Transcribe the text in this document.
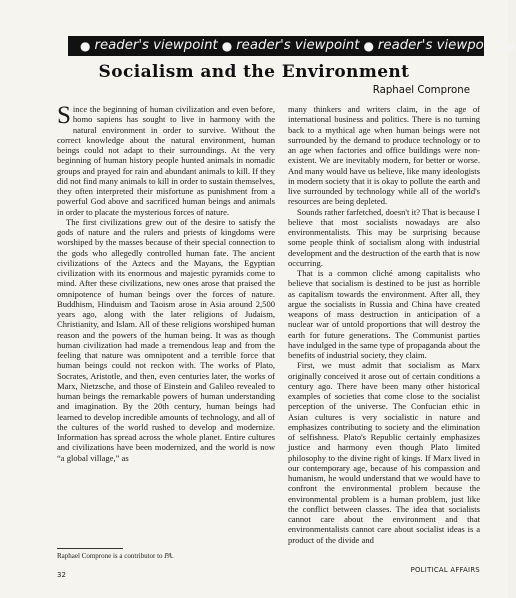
● reader's viewpoint ● reader's viewpoint ● reader's viewpoint ●
Socialism and the Environment
Raphael Comprone

Since the beginning of human civilization and even before, homo sapiens has sought to live in harmony with the natural environment in order to survive. Without the correct knowledge about the natural environment, human beings could not adapt to their surroundings. At the very beginning of human history people hunted animals in nomadic groups and prayed for rain and abundant animals to kill. If they did not find many animals to kill in order to sustain themselves, they often interpreted their misfortune as punishment from a powerful God above and sacrificed human beings and animals in order to placate the mysterious forces of nature.

The first civilizations grew out of the desire to satisfy the gods of nature and the rulers and priests of kingdoms were worshiped by the masses because of their special connection to the gods who allegedly controlled human fate. The ancient civilizations of the Aztecs and the Mayans, the Egyptian civilization with its enormous and majestic pyramids come to mind. After these civilizations, new ones arose that praised the omnipotence of human beings over the forces of nature. Buddhism, Hinduism and Taoism arose in Asia around 2,500 years ago, along with the later religions of Judaism, Christianity, and Islam. All of these religions worshiped human reason and the powers of the human being. It was as though human civilization had made a tremendous leap and from the feeling that nature was omnipotent and a terrible force that human beings could not reckon with. The works of Plato, Socrates, Aristotle, and then, even centuries later, the works of Marx, Nietzsche, and those of Einstein and Galileo revealed to human beings the remarkable powers of human understanding and imagination. By the 20th century, human beings had learned to develop incredible amounts of technology, and all of the cultures of the world rushed to develop and modernize. Information has spread across the whole planet. Entire cultures and civilizations have been modernized, and the world is now “a global village,” as

many thinkers and writers claim, in the age of international business and politics. There is no turning back to a mythical age when human beings were not surrounded by the demand to produce technology or to an age when factories and office buildings were non-existent. We are inevitably modern, for better or worse. And many would have us believe, like many ideologists in modern society that it is okay to pollute the earth and live surrounded by technology while all of the world's resources are being depleted.

Sounds rather farfetched, doesn't it? That is because I believe that most socialists nowadays are also environmentalists. This may be surprising because some people think of socialism along with industrial development and the destruction of the earth that is now occurring.

That is a common cliché among capitalists who believe that socialism is destined to be just as horrible as capitalism towards the environment. After all, they argue the socialists in Russia and China have created weapons of mass destruction in anticipation of a nuclear war of untold proportions that will destroy the earth for future generations. The Communist parties have indulged in the same type of propaganda about the benefits of industrial society, they claim.

First, we must admit that socialism as Marx originally conceived it arose out of certain conditions a century ago. There have been many other historical examples of societies that come close to the socialist perception of the universe. The Confucian ethic in Asian cultures is very socialistic in nature and emphasizes contributing to society and the elimination of selfishness. Plato's Republic certainly emphasizes justice and harmony even though Plato limited philosophy to the divine right of kings. If Marx lived in our contemporary age, because of his compassion and humanism, he would understand that we would have to confront the environmental problem because the environmental problem is a human problem, just like the conflict between classes. The idea that socialists cannot care about the environment and that environmentalists cannot care about socialist ideas is a product of the divide and

Raphael Comprone is a contributor to PA.
32
POLITICAL AFFAIRS
